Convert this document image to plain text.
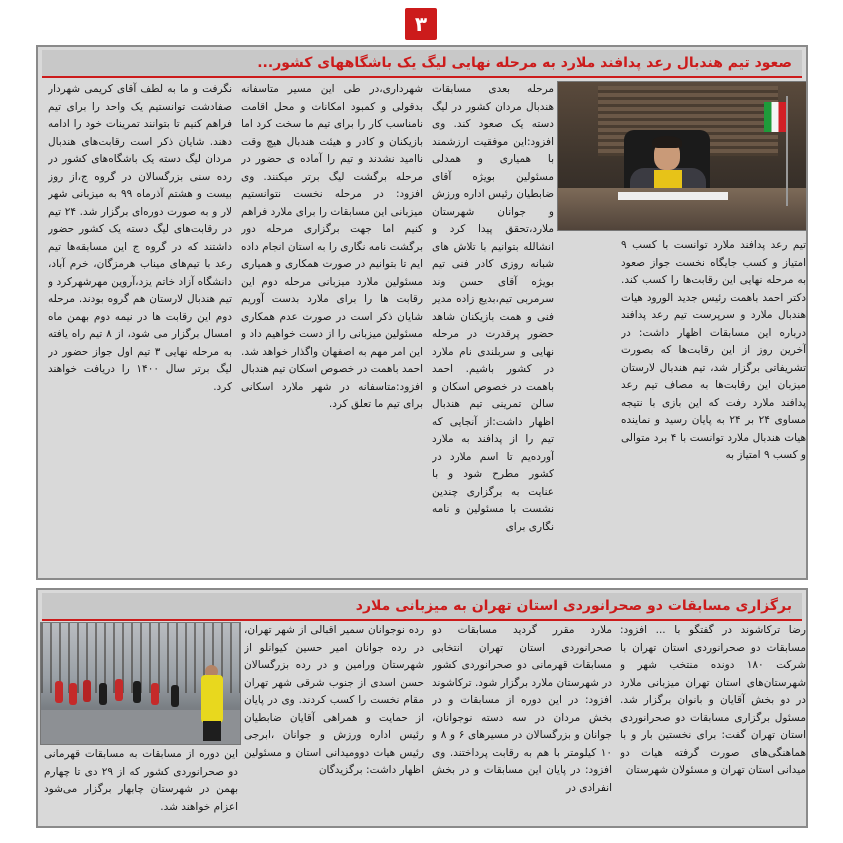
۳
صعود تیم هندبال رعد پدافند ملارد به مرحله نهایی لیگ یک باشگاههای کشور...

تیم رعد پدافند ملارد توانست با کسب ۹ امتیاز و کسب جایگاه نخست جواز صعود به مرحله نهایی این رقابت‌ها را کسب کند. دکتر احمد باهمت رئیس جدید الورود هیات هندبال ملارد و سرپرست تیم رعد پدافند درباره این مسابقات اظهار داشت: در آخرین روز از این رقابت‌ها که بصورت تشریفاتی برگزار شد، تیم هندبال لارستان میزبان این رقابت‌ها به مصاف تیم رعد پدافند ملارد رفت که این بازی با نتیجه مساوی ۲۴ بر ۲۴ به پایان رسید و نماینده هیات هندبال ملارد توانست با ۴ برد متوالی و کسب ۹ امتیاز به

مرحله بعدی مسابقات هندبال مردان کشور در لیگ دسته یک صعود کند. وی افزود:این موفقیت ارزشمند با همیاری و همدلی مسئولین بویژه آقای ضابطیان رئیس اداره ورزش و جوانان شهرستان ملارد،تحقق پیدا کرد و انشالله بتوانیم با تلاش های شبانه روزی کادر فنی تیم بویژه آقای حسن وند سرمربی تیم،بدیع زاده مدیر فنی و همت بازیکنان شاهد حضور پرقدرت در مرحله نهایی و سربلندی نام ملارد در کشور باشیم. احمد باهمت در خصوص اسکان و سالن تمرینی تیم هندبال اظهار داشت:از آنجایی که تیم را از پدافند به ملارد آورده‌یم تا اسم ملارد در کشور مطرح شود و با عنایت به برگزاری چندین نشست با مسئولین و نامه نگاری برای

شهرداری،در طی این مسیر متاسفانه بدقولی و کمبود امکانات و محل اقامت نامناسب کار را برای تیم ما سخت کرد اما بازیکنان و کادر و هیئت هندبال هیچ وقت ناامید نشدند و تیم را آماده ی حضور در مرحله برگشت لیگ برتر میکنند. وی افزود: در مرحله نخست نتوانستیم میزبانی این مسابقات را برای ملارد فراهم کنیم اما جهت برگزاری مرحله دور برگشت نامه نگاری را به استان انجام داده ایم تا بتوانیم در صورت همکاری و همیاری مسئولین ملارد میزبانی مرحله دوم این رقابت ها را برای ملارد بدست آوریم شایان ذکر است در صورت عدم همکاری مسئولین میزبانی را از دست خواهیم داد و این امر مهم به اصفهان واگذار خواهد شد. احمد باهمت در خصوص اسکان تیم هندبال افزود:متاسفانه در شهر ملارد اسکانی برای تیم ما تعلق کرد.

نگرفت و ما به لطف آقای کریمی شهردار صفادشت توانستیم یک واحد را برای تیم فراهم کنیم تا بتوانند تمرینات خود را ادامه دهند. شایان ذکر است رقابت‌های هندبال مردان لیگ دسته یک باشگاه‌های کشور در رده سنی بزرگسالان در گروه ج،از روز بیست و هشتم آذرماه ۹۹ به میزبانی شهر لار و به صورت دوره‌ای برگزار شد. ۲۴ تیم در رقابت‌های لیگ دسته یک کشور حضور داشتند که در گروه ج این مسابقه‌ها تیم رعد با تیم‌های میناب هرمزگان، خرم آباد، دانشگاه آزاد خاتم یزد،آروین مهرشهرکرد و تیم هندبال لارستان هم گروه بودند. مرحله دوم این رقابت ها در نیمه دوم بهمن ماه امسال برگزار می شود، از ۸ تیم راه یافته به مرحله نهایی ۳ تیم اول جواز حضور در لیگ برتر سال ۱۴۰۰ را دریافت خواهند کرد.

برگزاری مسابقات دو صحرانوردی استان تهران به میزبانی ملارد

رضا ترکاشوند در گفتگو با ... افزود: مسابقات دو صحرانوردی استان تهران با شرکت ۱۸۰ دونده منتخب شهر و شهرستان‌های استان تهران میزبانی ملارد در دو بخش آقایان و بانوان برگزار شد. مسئول برگزاری مسابقات دو صحرانوردی استان تهران گفت: برای نخستین بار و با هماهنگی‌های صورت گرفته هیات دو میدانی استان تهران و مسئولان شهرستان

ملارد مقرر گردید مسابقات دو صحرانوردی استان تهران انتخابی مسابقات قهرمانی دو صحرانوردی کشور در شهرستان ملارد برگزار شود. ترکاشوند افزود: در این دوره از مسابقات و در بخش مردان در سه دسته نوجوانان، جوانان و بزرگسالان در مسیرهای ۶ و ۸ و ۱۰ کیلومتر با هم به رقابت پرداختند. وی افزود: در پایان این مسابقات و در بخش انفرادی در

رده نوجوانان سمیر اقبالی از شهر تهران، در رده جوانان امیر حسین کیوانلو از شهرستان ورامین و در رده بزرگسالان حسن اسدی از جنوب شرقی شهر تهران مقام نخست را کسب کردند. وی در پایان از حمایت و همراهی آقایان ضابطیان رئیس اداره ورزش و جوانان ،ابرجی رئیس هیات دوومیدانی استان و مسئولین اظهار داشت: برگزیدگان

این دوره از مسابقات به مسابقات قهرمانی دو صحرانوردی کشور که از ۲۹ دی تا چهارم بهمن در شهرستان چابهار برگزار می‌شود اعزام خواهند شد.
